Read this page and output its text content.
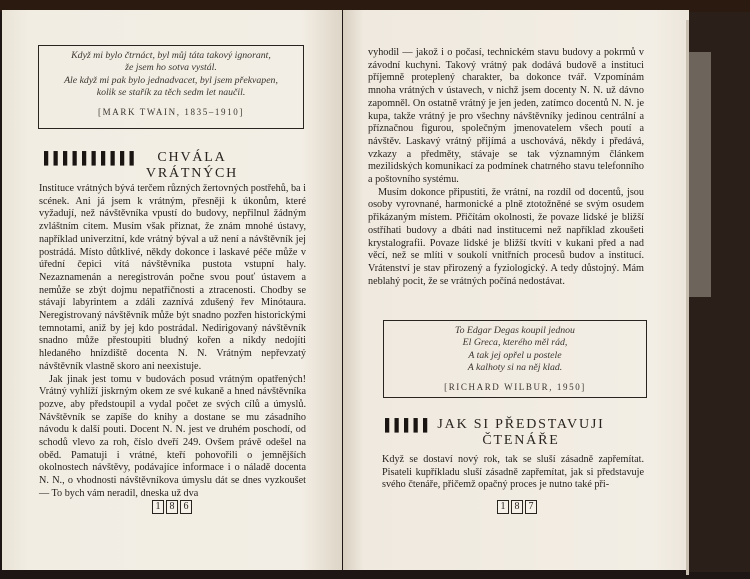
Když mi bylo čtrnáct, byl můj táta takový ignorant,
že jsem ho sotva vystál.
Ale když mi pak bylo jednadvacet, byl jsem překvapen,
kolik se stařík za těch sedm let naučil.
[MARK TWAIN, 1835–1910]
▌▌▌▌▌▌▌▌▌▌	CHVÁLA
VRÁTNÝCH

Instituce vrátných bývá terčem různých žertovných postřehů, ba i scének. Ani já jsem k vrátným, přesněji k úkonům, které vyžadují, než návštěvníka vpustí do budovy, nepřilnul žádným zvláštním citem. Musím však přiznat, že znám mnohé ústavy, například univerzitní, kde vrátný býval a už není a návštěvník jej postrádá. Místo důtklivé, někdy dokonce i laskavé péče může v úřední čepici vítá návštěvníka pustota vstupní haly. Nezaznamenán a neregistrován počne svou pouť ústavem a nemůže se zbýt dojmu nepatřičnosti a ztracenosti. Chodby se stávají labyrintem a zdáli zaznívá zdušený řev Minótaura. Neregistrovaný návštěvník může být snadno pozřen historickými temnotami, aniž by jej kdo postrádal. Nedirigovaný návštěvník snadno může přestoupiti bludný kořen a nikdy nedojíti hledaného hnízdiště docenta N. N. Vrátným nepřevzatý návštěvník vlastně skoro ani neexistuje.

Jak jinak jest tomu v budovách posud vrátným opatřených! Vrátný vyhlíží jiskrným okem ze své kukaně a hned návštěvníka pozve, aby předstoupil a vydal počet ze svých cílů a úmyslů. Návštěvník se zapíše do knihy a dostane se mu zásadního návodu k další pouti. Docent N. N. jest ve druhém poschodí, od schodů vlevo za roh, číslo dveří 249. Ovšem právě odešel na oběd. Pamatuji i vrátné, kteří pohovořili o jemnějších okolnostech návštěvy, podávajíce informace i o náladě docenta N. N., o vhodnosti návštěvníkova úmyslu dát se dnes vyzkoušet — To bych vám neradil, dneska už dva

1 8 6

vyhodil — jakož i o počasí, technickém stavu budovy a pokrmů v závodní kuchyni. Takový vrátný pak dodává budově a instituci příjemně proteplený charakter, ba dokonce tvář. Vzpomínám mnoha vrátných v ústavech, v nichž jsem docenty N. N. už dávno zapomněl. On ostatně vrátný je jen jeden, zatímco docentů N. N. je kupa, takže vrátný je pro všechny návštěvníky jedinou centrální a příznačnou figurou, společným jmenovatelem všech poutí a návštěv. Laskavý vrátný přijímá a uschovává, někdy i předává, vzkazy a předměty, stávaje se tak významným článkem mezilidských komunikací za podmínek chatrného stavu telefonního a poštovního systému.

Musím dokonce připustiti, že vrátní, na rozdíl od docentů, jsou osoby vyrovnané, harmonické a plně ztotožněné se svým osudem přikázaným místem. Přičítám okolnosti, že povaze lidské je bližší ostříhati budovy a dbáti nad institucemi než například zkoušeti krystalografii. Povaze lidské je bližší tkvíti v kukani před a nad věcí, než se mlíti v soukolí vnitřních procesů budov a institucí. Vrátenství je stav přirozený a fyziologický. A tedy důstojný. Mám neblahý pocit, že se vrátných počíná nedostávat.

To Edgar Degas koupil jednou
El Greca, kterého měl rád,
A tak jej opřel u postele
A kalhoty si na něj klad.
[RICHARD WILBUR, 1950]
▌▌▌▌▌ JAK SI PŘEDSTAVUJI
ČTENÁŘE

Když se dostaví nový rok, tak se sluší zásadně zapřemítat. Pisateli kupříkladu sluší zásadně zapřemítat, jak si představuje svého čtenáře, přičemž opačný proces je nutno také při-

1 8 7
